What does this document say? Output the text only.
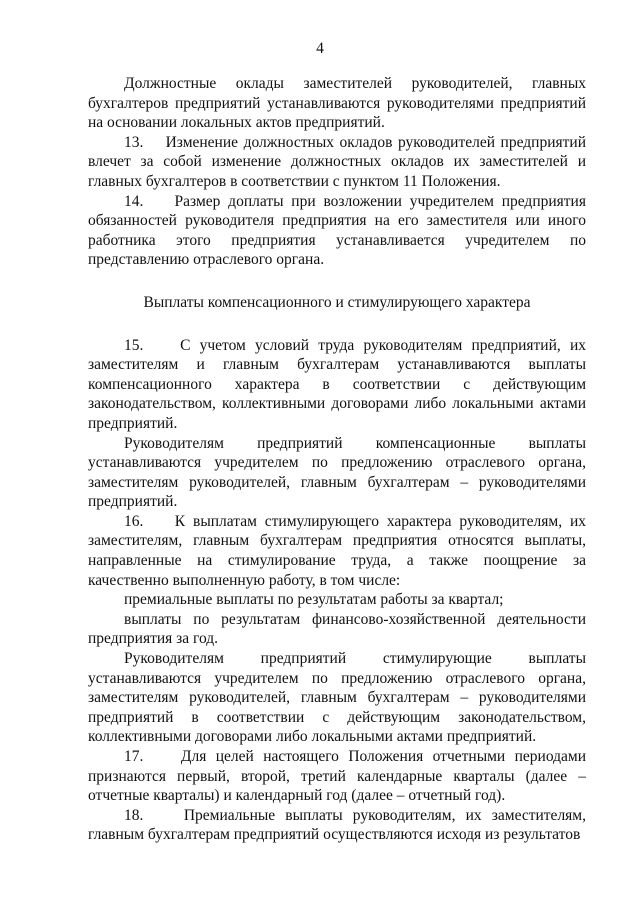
4

Должностные оклады заместителей руководителей, главных бухгалтеров предприятий устанавливаются руководителями предприятий на основании локальных актов предприятий.

13.    Изменение должностных окладов руководителей предприятий влечет за собой изменение должностных окладов их заместителей и главных бухгалтеров в соответствии с пунктом 11 Положения.

14.    Размер доплаты при возложении учредителем предприятия обязанностей руководителя предприятия на его заместителя или иного работника этого предприятия устанавливается учредителем по представлению отраслевого органа.

Выплаты компенсационного и стимулирующего характера

15.    С учетом условий труда руководителям предприятий, их заместителям и главным бухгалтерам устанавливаются выплаты компенсационного характера в соответствии с действующим законодательством, коллективными договорами либо локальными актами предприятий.

Руководителям предприятий компенсационные выплаты устанавливаются учредителем по предложению отраслевого органа, заместителям руководителей, главным бухгалтерам – руководителями предприятий.

16.    К выплатам стимулирующего характера руководителям, их заместителям, главным бухгалтерам предприятия относятся выплаты, направленные на стимулирование труда, а также поощрение за качественно выполненную работу, в том числе:

премиальные выплаты по результатам работы за квартал;

выплаты по результатам финансово-хозяйственной деятельности предприятия за год.

Руководителям предприятий стимулирующие выплаты устанавливаются учредителем по предложению отраслевого органа, заместителям руководителей, главным бухгалтерам – руководителями предприятий в соответствии с действующим законодательством, коллективными договорами либо локальными актами предприятий.

17.    Для целей настоящего Положения отчетными периодами признаются первый, второй, третий календарные кварталы (далее – отчетные кварталы) и календарный год (далее – отчетный год).

18.    Премиальные выплаты руководителям, их заместителям, главным бухгалтерам предприятий осуществляются исходя из результатов
